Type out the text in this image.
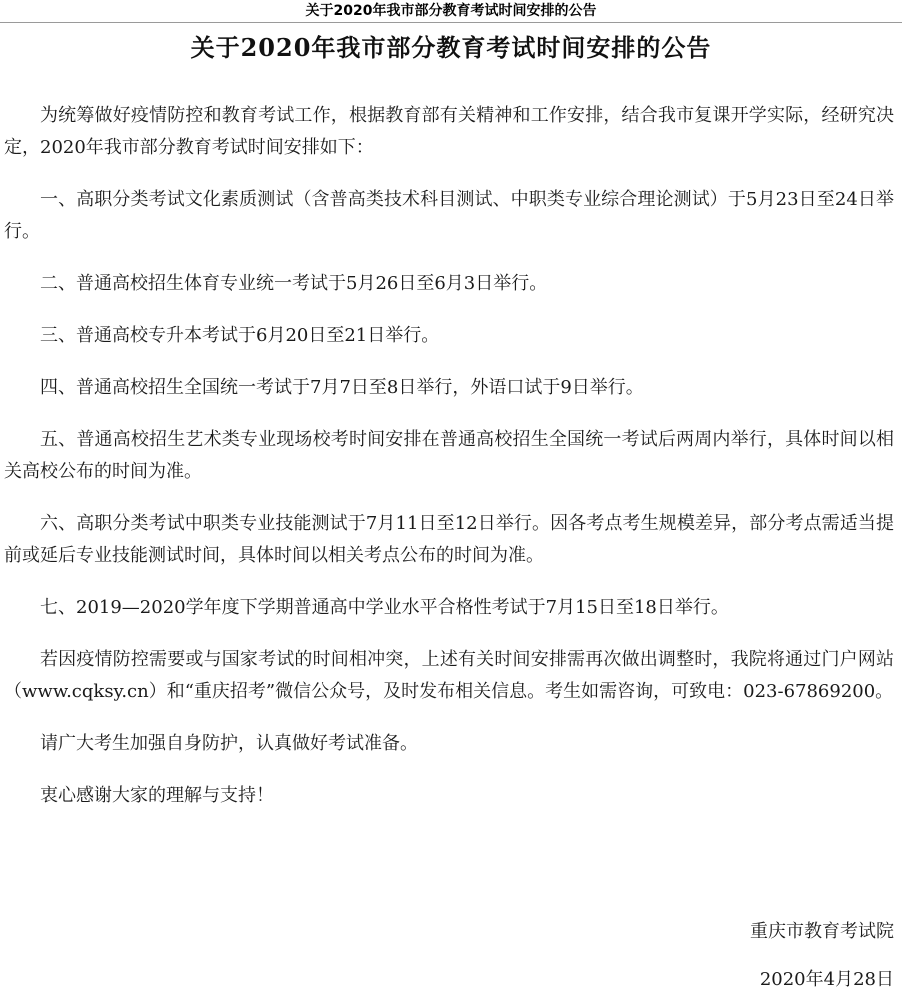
关于2020年我市部分教育考试时间安排的公告
关于2020年我市部分教育考试时间安排的公告

为统筹做好疫情防控和教育考试工作，根据教育部有关精神和工作安排，结合我市复课开学实际，经研究决定，2020年我市部分教育考试时间安排如下：

一、高职分类考试文化素质测试（含普高类技术科目测试、中职类专业综合理论测试）于5月23日至24日举行。

二、普通高校招生体育专业统一考试于5月26日至6月3日举行。

三、普通高校专升本考试于6月20日至21日举行。

四、普通高校招生全国统一考试于7月7日至8日举行，外语口试于9日举行。

五、普通高校招生艺术类专业现场校考时间安排在普通高校招生全国统一考试后两周内举行，具体时间以相关高校公布的时间为准。

六、高职分类考试中职类专业技能测试于7月11日至12日举行。因各考点考生规模差异，部分考点需适当提前或延后专业技能测试时间，具体时间以相关考点公布的时间为准。

七、2019—2020学年度下学期普通高中学业水平合格性考试于7月15日至18日举行。

若因疫情防控需要或与国家考试的时间相冲突，上述有关时间安排需再次做出调整时，我院将通过门户网站（www.cqksy.cn）和“重庆招考”微信公众号，及时发布相关信息。考生如需咨询，可致电：023-67869200。

请广大考生加强自身防护，认真做好考试准备。

衷心感谢大家的理解与支持！

重庆市教育考试院
2020年4月28日
